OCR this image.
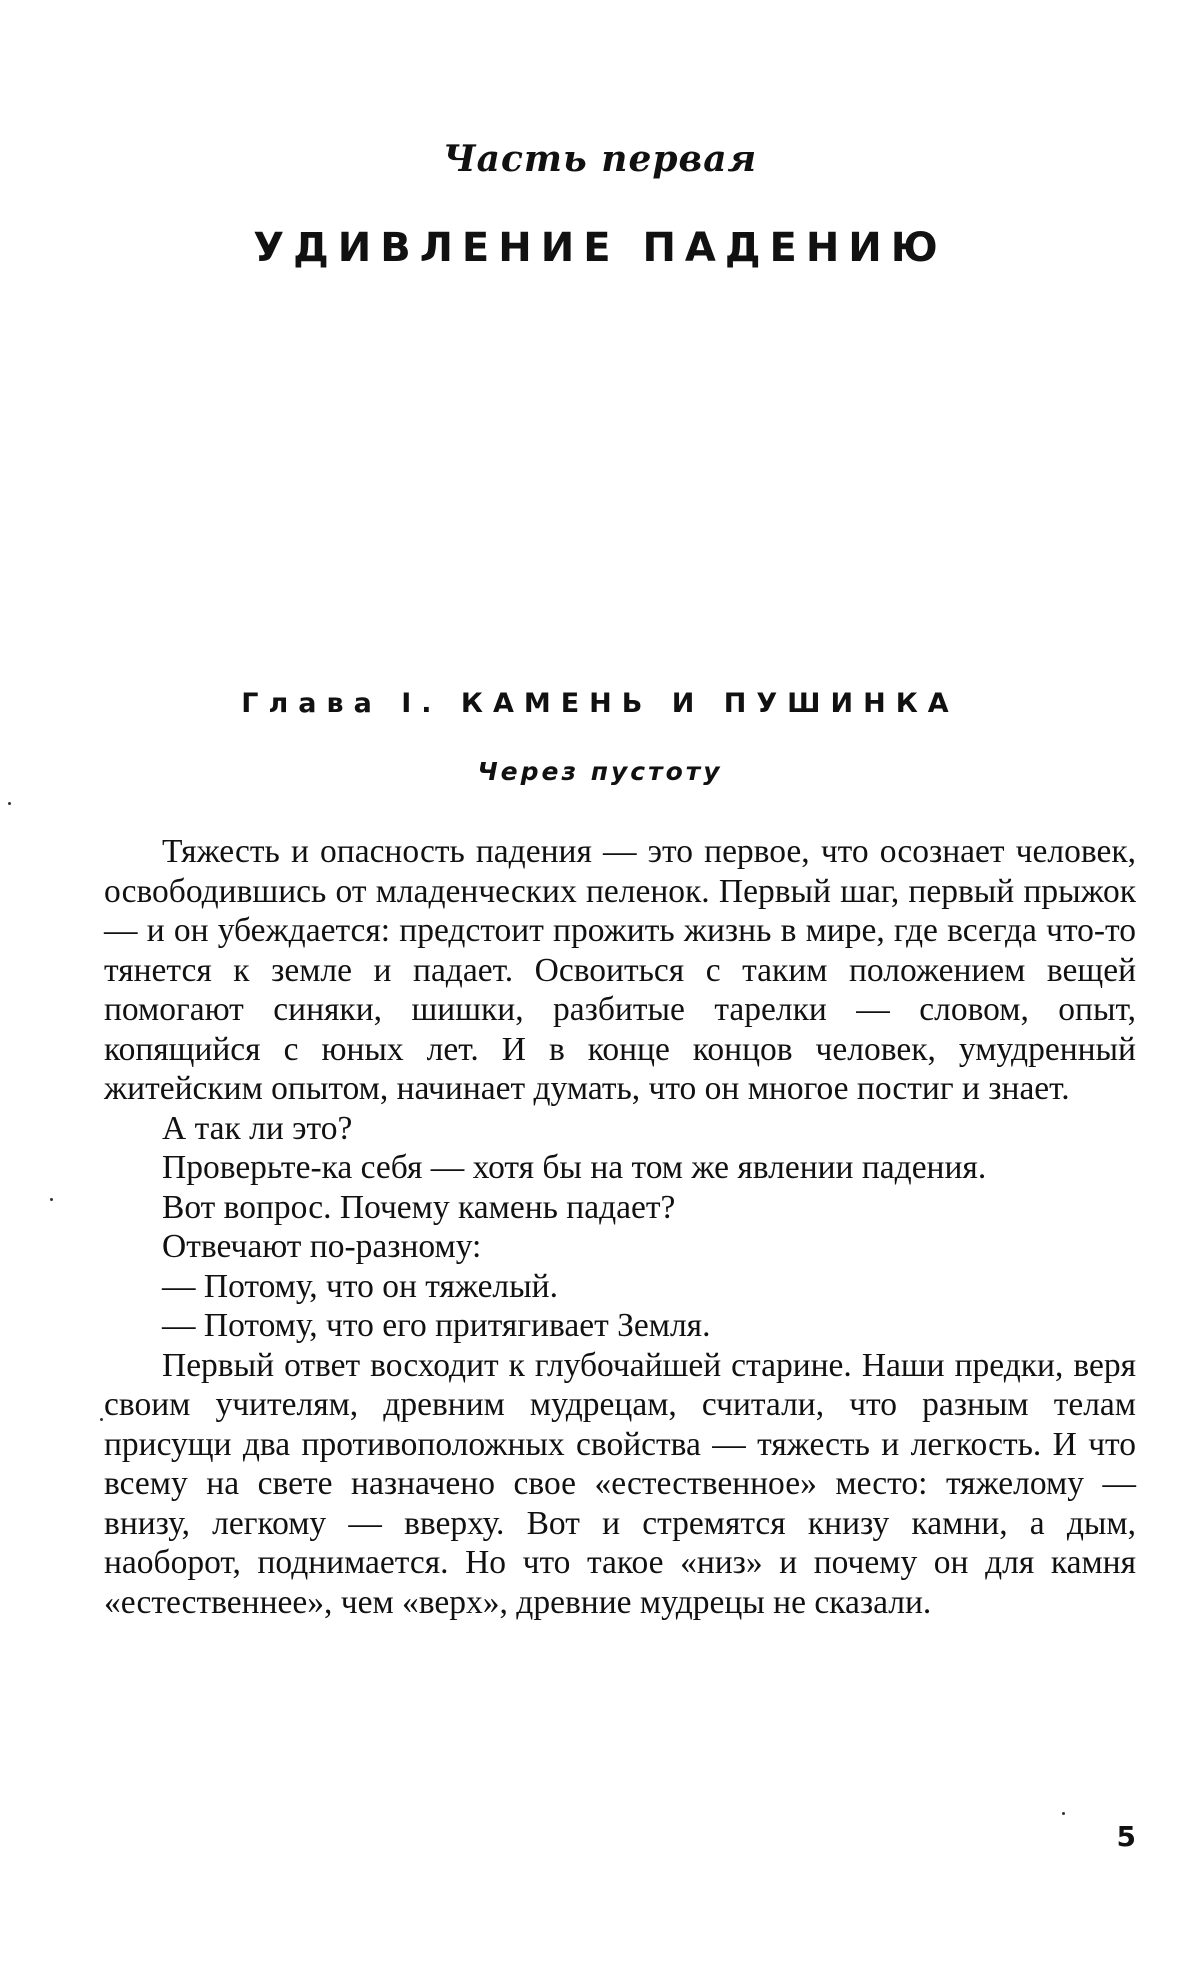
Часть первая
УДИВЛЕНИЕ ПАДЕНИЮ
Глава I. КАМЕНЬ И ПУШИНКА
Через пустоту

Тяжесть и опасность падения — это первое, что осознает человек, освободившись от младенческих пеленок. Первый шаг, первый прыжок — и он убеждается: предстоит прожить жизнь в мире, где всегда что-то тянется к земле и падает. Освоиться с таким положением вещей помогают синяки, шишки, разбитые тарелки — словом, опыт, копящийся с юных лет. И в конце концов человек, умудренный житейским опытом, начинает думать, что он многое постиг и знает.

А так ли это?

Проверьте-ка себя — хотя бы на том же явлении падения.

Вот вопрос. Почему камень падает?

Отвечают по-разному:

— Потому, что он тяжелый.

— Потому, что его притягивает Земля.

Первый ответ восходит к глубочайшей старине. Наши предки, веря своим учителям, древним мудрецам, считали, что разным телам присущи два противоположных свойства — тяжесть и легкость. И что всему на свете назначено свое «естественное» место: тяжелому — внизу, легкому — вверху. Вот и стремятся книзу камни, а дым, наоборот, поднимается. Но что такое «низ» и почему он для камня «естественнее», чем «верх», древние мудрецы не сказали.

5
